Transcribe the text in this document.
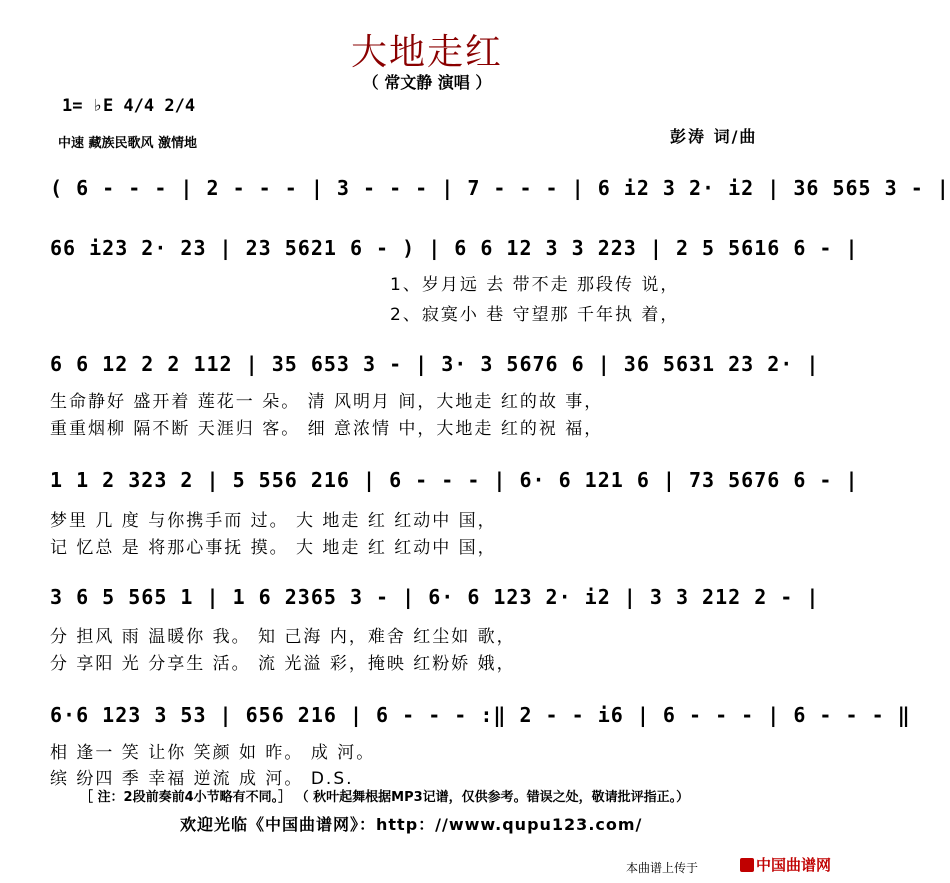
大地走红
（ 常文静 演唱 ）
1= ♭E 4/4 2/4
中速 藏族民歌风 激情地	彭涛 词/曲
( 6 - - - | 2 - - - | 3 - - - | 7 - - - | 6 i2 3 2· i2 | 36 565 3 - |
66 i23 2· 23 | 23 5621 6 - ) | 6 6 12 3 3 223 | 2 5 5616 6 - |
1、岁月远 去 带不走 那段传 说，
2、寂寞小 巷 守望那 千年执 着，
6 6 12 2 2 112 | 35 653 3 - | 3· 3 5676 6 | 36 5631 23 2· |
生命静好 盛开着 莲花一 朵。 清 风明月 间，大地走 红的故 事，
重重烟柳 隔不断 天涯归 客。 细 意浓情 中，大地走 红的祝 福，
1 1 2 323 2 | 5 556 216 | 6 - - - | 6· 6 121 6 | 73 5676 6 - |
梦里 几 度 与你携手而 过。 大 地走 红 红动中 国，
记 忆总 是 将那心事抚 摸。 大 地走 红 红动中 国，
3 6 5 565 1 | 1 6 2365 3 - | 6· 6 123 2· i2 | 3 3 212 2 - |
分 担风 雨 温暖你 我。 知 己海 内，难舍 红尘如 歌，
分 享阳 光 分享生 活。 流 光溢 彩，掩映 红粉娇 娥，
6·6 123 3 53 | 656 216 | 6 - - - :‖ 2 - - i6 | 6 - - - | 6 - - - ‖
相 逢一 笑 让你 笑颜 如 昨。 成 河。
缤 纷四 季 幸福 逆流 成 河。 D.S.
［ 注：2段前奏前4小节略有不同。］ （ 秋叶起舞根据MP3记谱，仅供参考。错误之处，敬请批评指正。）
欢迎光临《中国曲谱网》：http：//www.qupu123.com/
本曲谱上传于	中国曲谱网
